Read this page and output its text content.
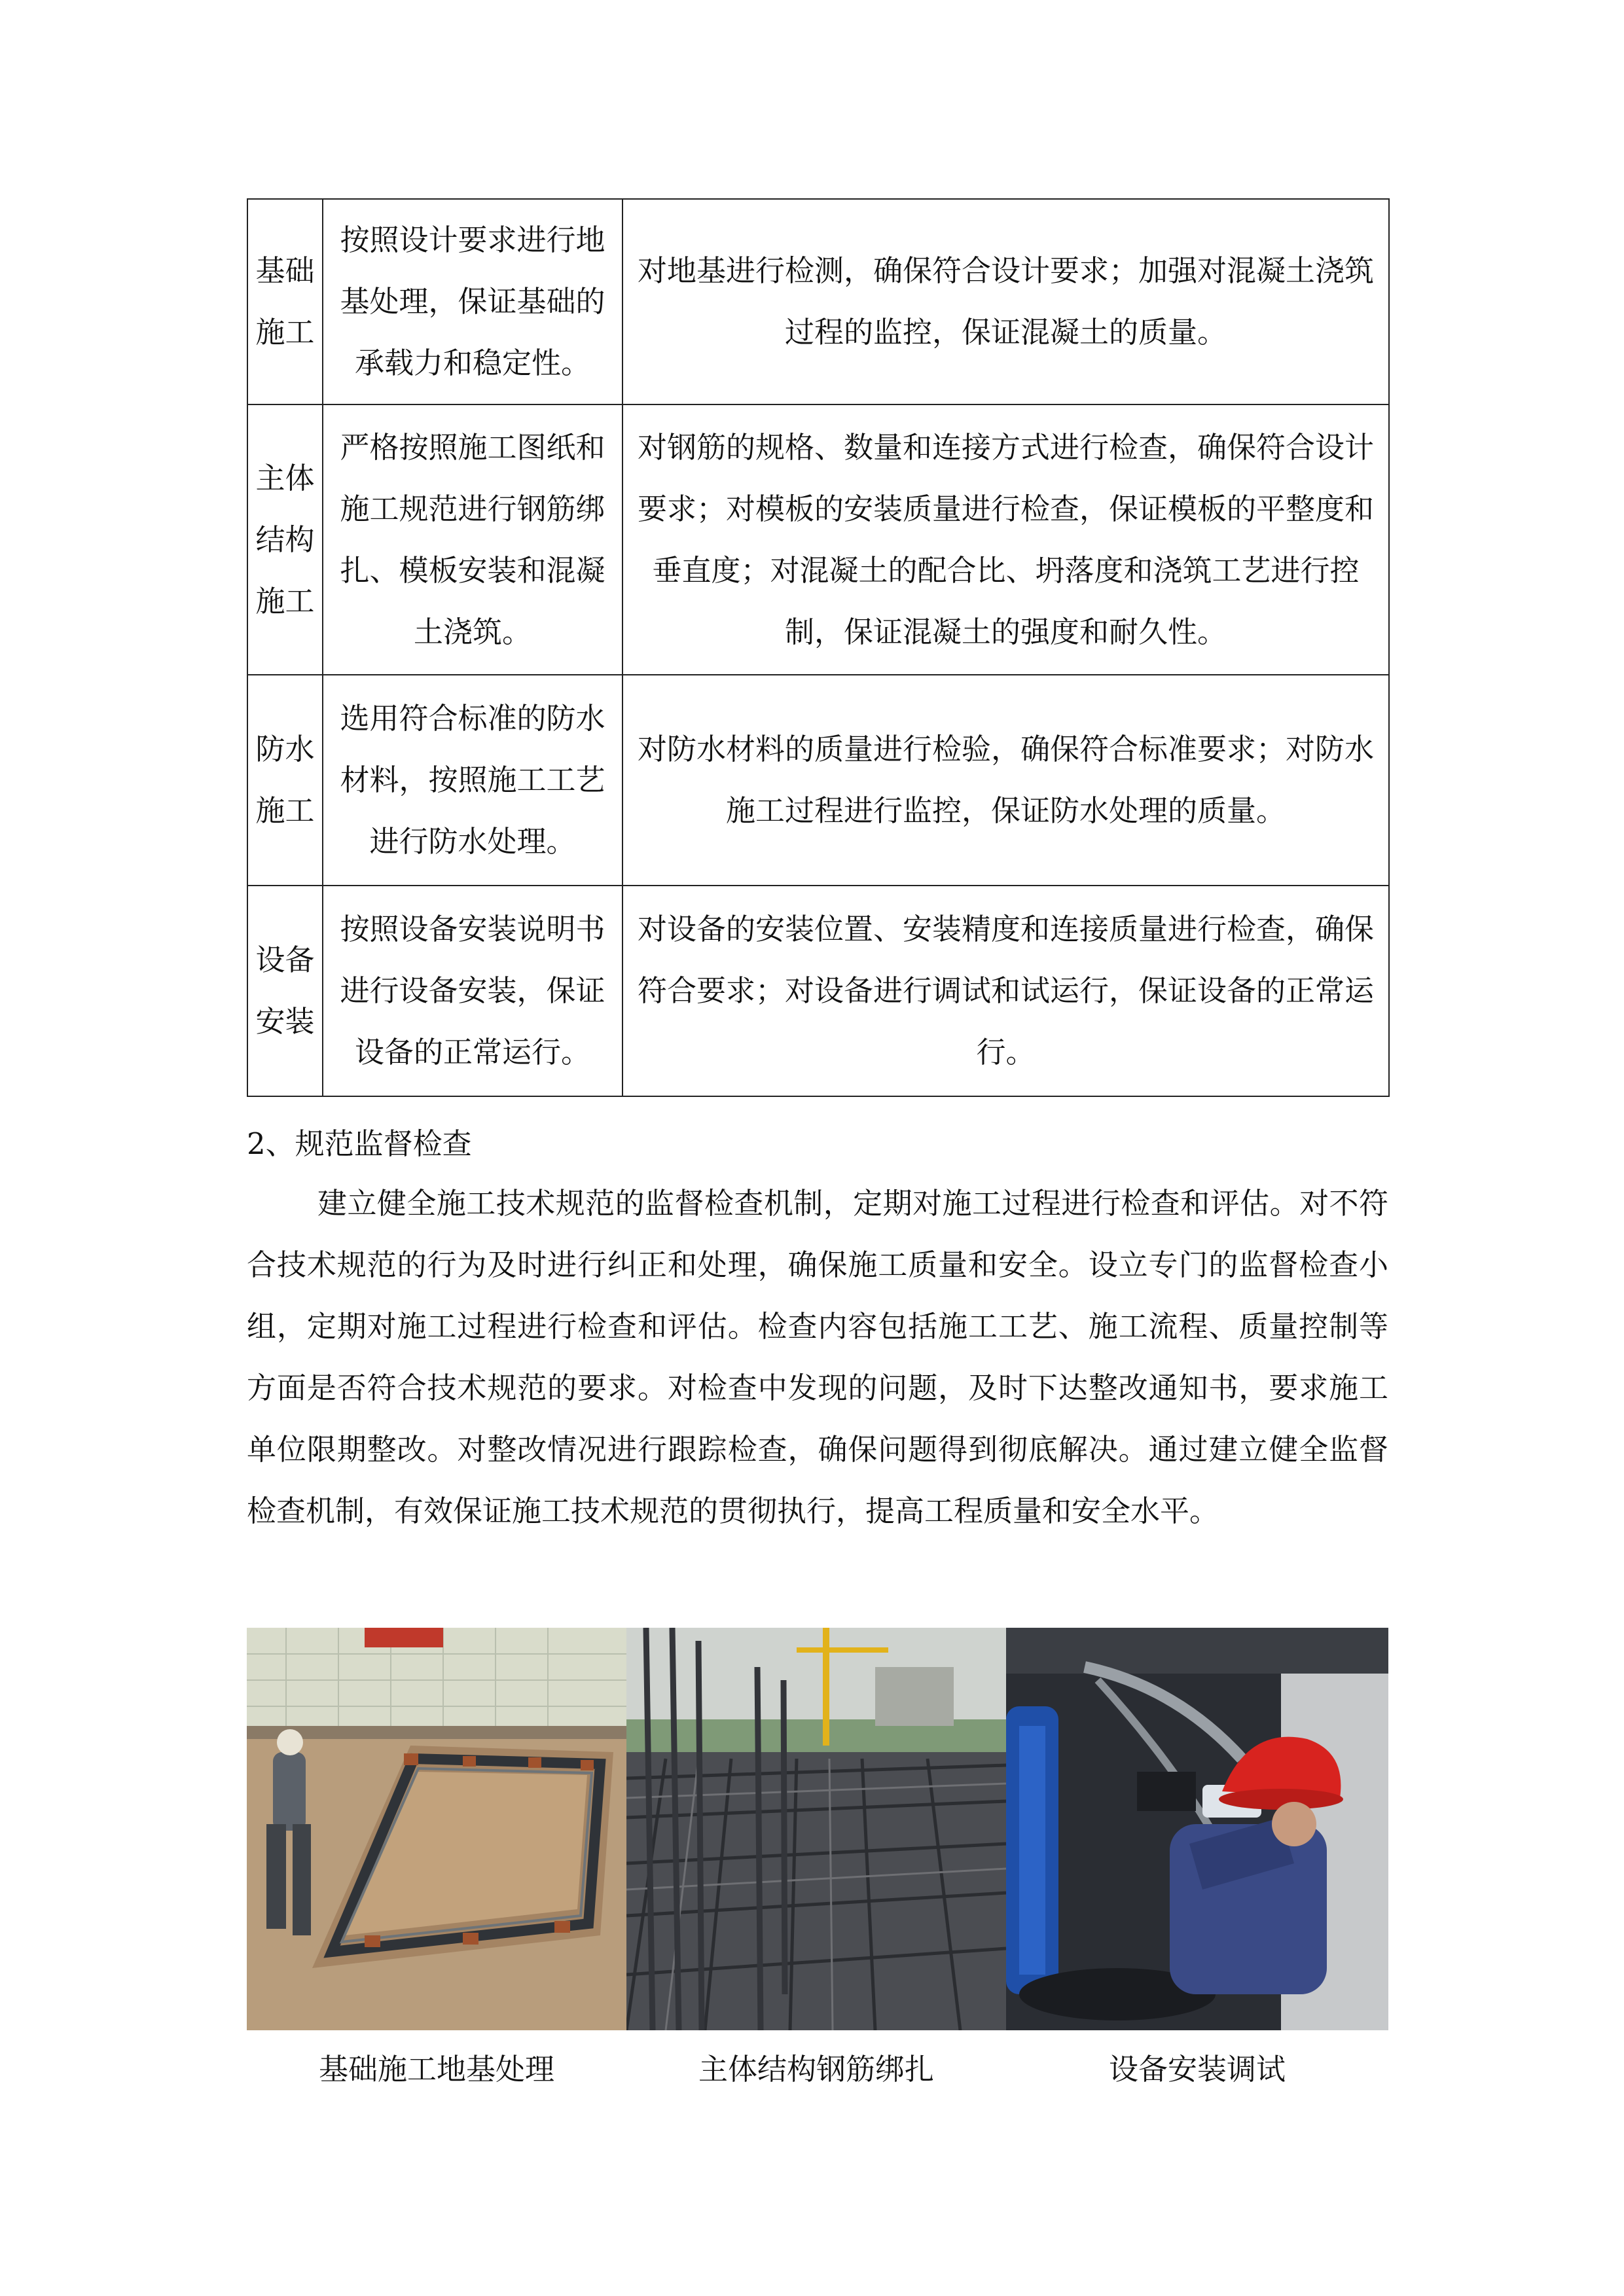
基础施工	按照设计要求进行地基处理，保证基础的承载力和稳定性。	对地基进行检测，确保符合设计要求；加强对混凝土浇筑过程的监控，保证混凝土的质量。
主体结构施工	严格按照施工图纸和施工规范进行钢筋绑扎、模板安装和混凝土浇筑。	对钢筋的规格、数量和连接方式进行检查，确保符合设计要求；对模板的安装质量进行检查，保证模板的平整度和垂直度；对混凝土的配合比、坍落度和浇筑工艺进行控制，保证混凝土的强度和耐久性。
防水施工	选用符合标准的防水材料，按照施工工艺进行防水处理。	对防水材料的质量进行检验，确保符合标准要求；对防水施工过程进行监控，保证防水处理的质量。
设备安装	按照设备安装说明书进行设备安装，保证设备的正常运行。	对设备的安装位置、安装精度和连接质量进行检查，确保符合要求；对设备进行调试和试运行，保证设备的正常运行。
2、规范监督检查

建立健全施工技术规范的监督检查机制，定期对施工过程进行检查和评估。对不符合技术规范的行为及时进行纠正和处理，确保施工质量和安全。设立专门的监督检查小组，定期对施工过程进行检查和评估。检查内容包括施工工艺、施工流程、质量控制等方面是否符合技术规范的要求。对检查中发现的问题，及时下达整改通知书，要求施工单位限期整改。对整改情况进行跟踪检查，确保问题得到彻底解决。通过建立健全监督检查机制，有效保证施工技术规范的贯彻执行，提高工程质量和安全水平。

基础施工地基处理	主体结构钢筋绑扎	设备安装调试
